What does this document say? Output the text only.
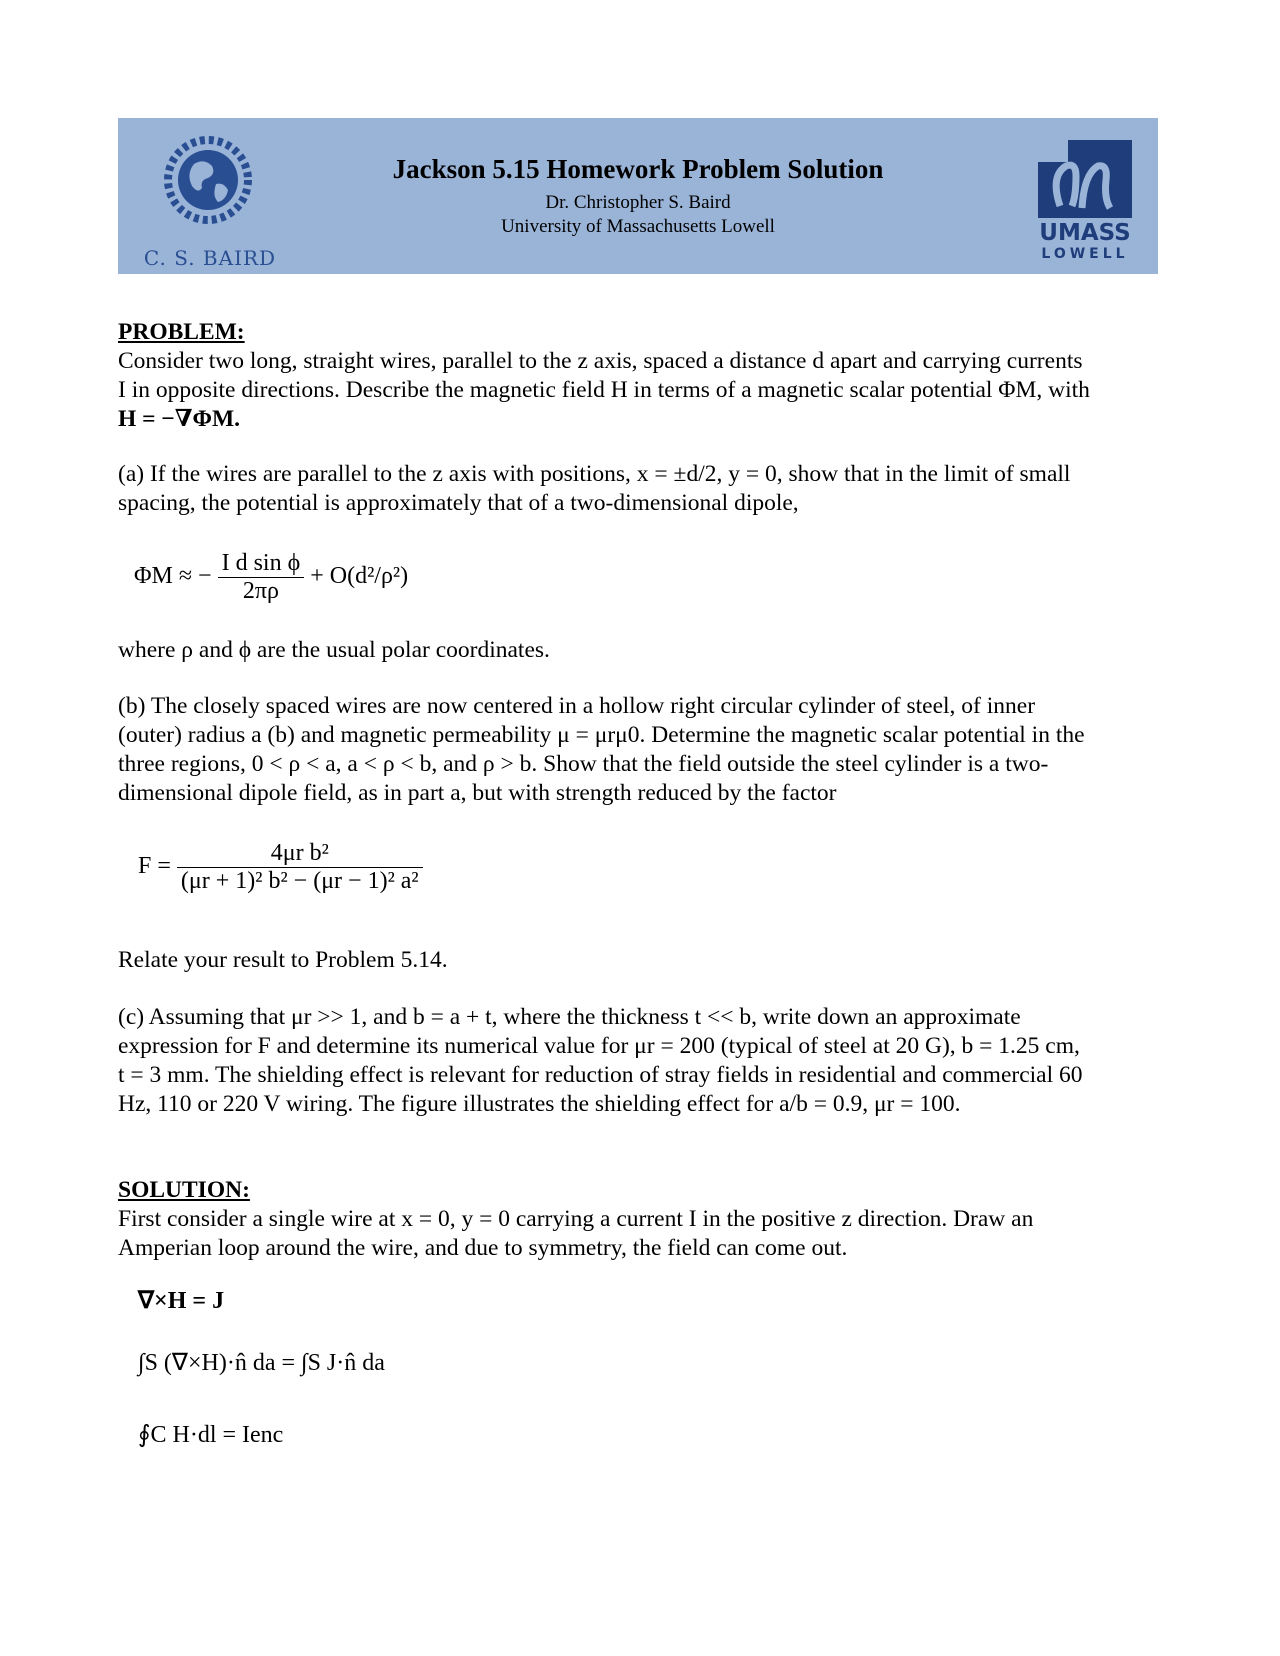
C. S. BAIRD
Jackson 5.15 Homework Problem Solution
Dr. Christopher S. Baird
University of Massachusetts Lowell	UMASS
LOWELL
PROBLEM:
Consider two long, straight wires, parallel to the z axis, spaced a distance d apart and carrying currents
I in opposite directions. Describe the magnetic field H in terms of a magnetic scalar potential ΦM, with
H = −∇ΦM.
(a) If the wires are parallel to the z axis with positions, x = ±d/2, y = 0, show that in the limit of small
spacing, the potential is approximately that of a two-dimensional dipole,
ΦM ≈ − $\frac{\text{I d sin ϕ}}{2\pi\rho} + O(d^2/\rho^2)$
where ρ and ϕ are the usual polar coordinates.
(b) The closely spaced wires are now centered in a hollow right circular cylinder of steel, of inner
(outer) radius a (b) and magnetic permeability μ = μrμ0. Determine the magnetic scalar potential in the
three regions, 0 < ρ < a, a < ρ < b, and ρ > b. Show that the field outside the steel cylinder is a two-
dimensional dipole field, as in part a, but with strength reduced by the factor
$F = \frac{\text{4μr b²}}{\text{(μr + 1)² b² − (μr − 1)² a²}}$
Relate your result to Problem 5.14.
(c) Assuming that μr >> 1, and b = a + t, where the thickness t << b, write down an approximate
expression for F and determine its numerical value for μr = 200 (typical of steel at 20 G), b = 1.25 cm,
t = 3 mm. The shielding effect is relevant for reduction of stray fields in residential and commercial 60
Hz, 110 or 220 V wiring. The figure illustrates the shielding effect for a/b = 0.9, μr = 100.
SOLUTION:
First consider a single wire at x = 0, y = 0 carrying a current I in the positive z direction. Draw an
Amperian loop around the wire, and due to symmetry, the field can come out.
∇×H = J
∫S (∇×H)·n̂ da = ∫S J·n̂ da
∮C H·dl = Ienc
